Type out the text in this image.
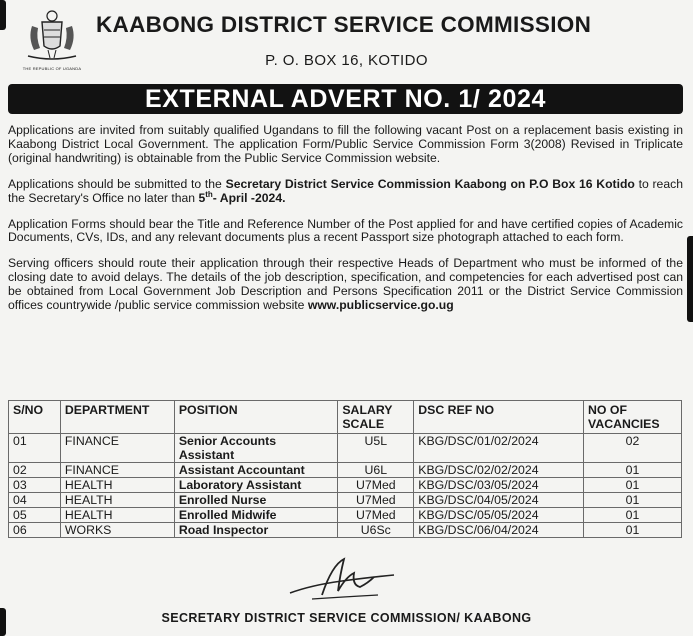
THE REPUBLIC OF UGANDA
KAABONG DISTRICT SERVICE COMMISSION
P. O. BOX 16, KOTIDO
EXTERNAL ADVERT NO. 1/ 2024

Applications are invited from suitably qualified Ugandans to fill the following vacant Post on a replacement basis existing in Kaabong District Local Government. The application Form/Public Service Commission Form 3(2008) Revised in Triplicate (original handwriting) is obtainable from the Public Service Commission website.

Applications should be submitted to the Secretary District Service Commission Kaabong on P.O Box 16 Kotido to reach the Secretary's Office no later than 5th- April -2024.

Application Forms should bear the Title and Reference Number of the Post applied for and have certified copies of Academic Documents, CVs, IDs, and any relevant documents plus a recent Passport size photograph attached to each form.

Serving officers should route their application through their respective Heads of Department who must be informed of the closing date to avoid delays. The details of the job description, specification, and competencies for each advertised post can be obtained from Local Government Job Description and Persons Specification 2011 or the District Service Commission offices countrywide /public service commission website www.publicservice.go.ug

S/NO	DEPARTMENT	POSITION	SALARY SCALE	DSC REF NO	NO OF VACANCIES
01	FINANCE	Senior Accounts Assistant	U5L	KBG/DSC/01/02/2024	02
02	FINANCE	Assistant Accountant	U6L	KBG/DSC/02/02/2024	01
03	HEALTH	Laboratory Assistant	U7Med	KBG/DSC/03/05/2024	01
04	HEALTH	Enrolled Nurse	U7Med	KBG/DSC/04/05/2024	01
05	HEALTH	Enrolled Midwife	U7Med	KBG/DSC/05/05/2024	01
06	WORKS	Road Inspector	U6Sc	KBG/DSC/06/04/2024	01
SECRETARY DISTRICT SERVICE COMMISSION/ KAABONG
